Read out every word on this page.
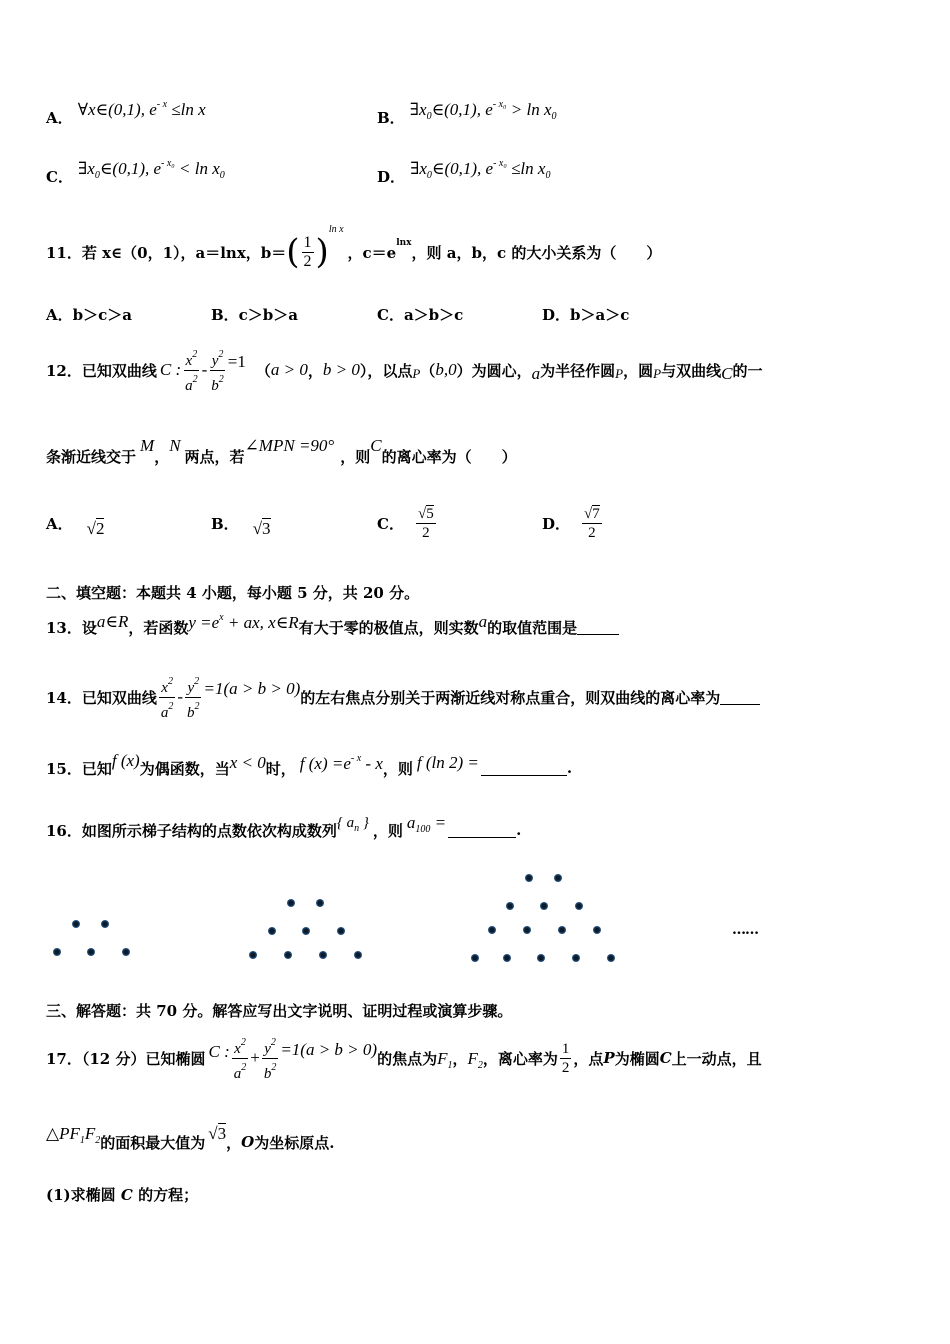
A． ∀x∈(0,1), $e^{- x} \le\ln$ x	B． $\exists x_0\in(0,1)$, $e^{- x_0} > \ln x_0$
C． $\exists x_0\in(0,1)$, $e^{- x_0} < \ln x_0$	D． $\exists x_0\in(0,1)$, $e^{- x_0} \le\ln$ $x_0$
11．若 x∈（0，1），a＝lnx，b＝ ( $\frac{1}{2}$ )
ln x
，c＝e
lnx
，则 a，b，c 的大小关系为（　　）
A．b＞c＞a	B．c＞b＞a	C．a＞b＞c	D．b＞a＞c
12．已知双曲线 C : $\frac{x^2}{a^2} - \frac{y^2}{b^2} =1$ （ a > 0 ， b > 0 ），以点 P （ b,0 ）为圆心， a 为半径作圆 P ，圆 P 与双曲线 C 的一
条渐近线交于
M
，
N
两点，若
∠MPN =90°
，则
C
的离心率为（　　）
A． √2	B． √3	C． $\frac{√5}{2}$	D． $\frac{√7}{2}$
二、填空题：本题共 4 小题，每小题 5 分，共 20 分。
13．设 a∈R ，若函数 $y =e^x$ + ax, x∈R 有大于零的极值点，则实数 a 的取值范围是
14．已知双曲线 $\frac{x^2}{a^2} - \frac{y^2}{b^2} =1(a > b > 0)$ 的左右焦点分别关于两渐近线对称点重合，则双曲线的离心率为
15．已知 f (x) 为偶函数，当 x < 0 时， f $(x) =e^{- x} - x$ ，则 f (ln 2) =	.
16．如图所示梯子结构的点数依次构成数列 { $a_n$ } ，则 $a_{100}$ =	.
……
三、解答题：共 70 分。解答应写出文字说明、证明过程或演算步骤。
17．（12 分）已知椭圆 C : $\frac{x^2}{a^2} + \frac{y^2}{b^2} =1(a > b > 0)$ 的焦点为 $F_1$ ， $F_2$ ，离心率为 $\frac{1}{2}$ ，点 P 为椭圆 C 上一动点，且
$\triangle PF_1F_2$ 的面积最大值为 √3 ， O 为坐标原点.
(1)求椭圆 C 的方程；
